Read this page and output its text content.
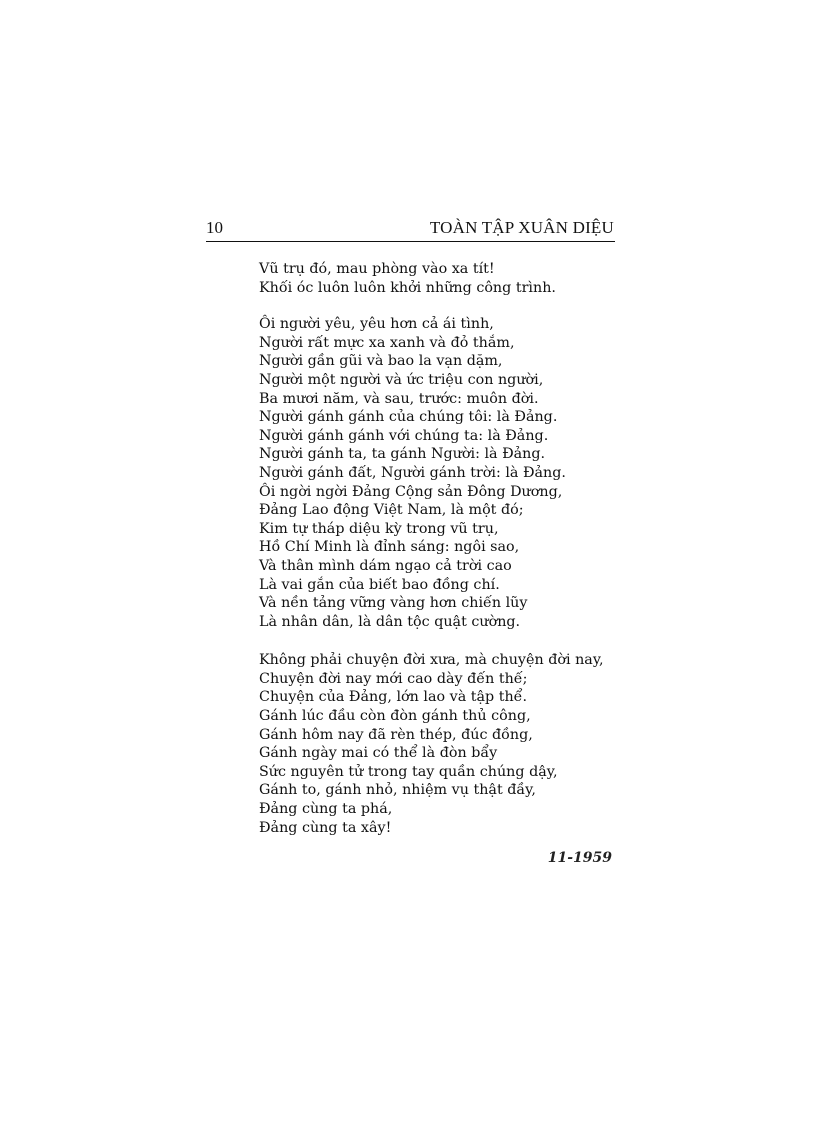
10	TOÀN TẬP XUÂN DIỆU
Vũ trụ đó, mau phòng vào xa tít!
Khối óc luôn luôn khởi những công trình.
Ôi người yêu, yêu hơn cả ái tình,
Người rất mực xa xanh và đỏ thắm,
Người gần gũi và bao la vạn dặm,
Người một người và ức triệu con người,
Ba mươi năm, và sau, trước: muôn đời.
Người gánh gánh của chúng tôi: là Đảng.
Người gánh gánh với chúng ta: là Đảng.
Người gánh ta, ta gánh Người: là Đảng.
Người gánh đất, Người gánh trời: là Đảng.
Ôi ngời ngời Đảng Cộng sản Đông Dương,
Đảng Lao động Việt Nam, là một đó;
Kim tự tháp diệu kỳ trong vũ trụ,
Hồ Chí Minh là đỉnh sáng: ngôi sao,
Và thân mình dám ngạo cả trời cao
Là vai gắn của biết bao đồng chí.
Và nền tảng vững vàng hơn chiến lũy
Là nhân dân, là dân tộc quật cường.
Không phải chuyện đời xưa, mà chuyện đời nay,
Chuyện đời nay mới cao dày đến thế;
Chuyện của Đảng, lớn lao và tập thể.
Gánh lúc đầu còn đòn gánh thủ công,
Gánh hôm nay đã rèn thép, đúc đồng,
Gánh ngày mai có thể là đòn bẩy
Sức nguyên tử trong tay quần chúng dậy,
Gánh to, gánh nhỏ, nhiệm vụ thật đầy,
Đảng cùng ta phá,
Đảng cùng ta xây!
11-1959
